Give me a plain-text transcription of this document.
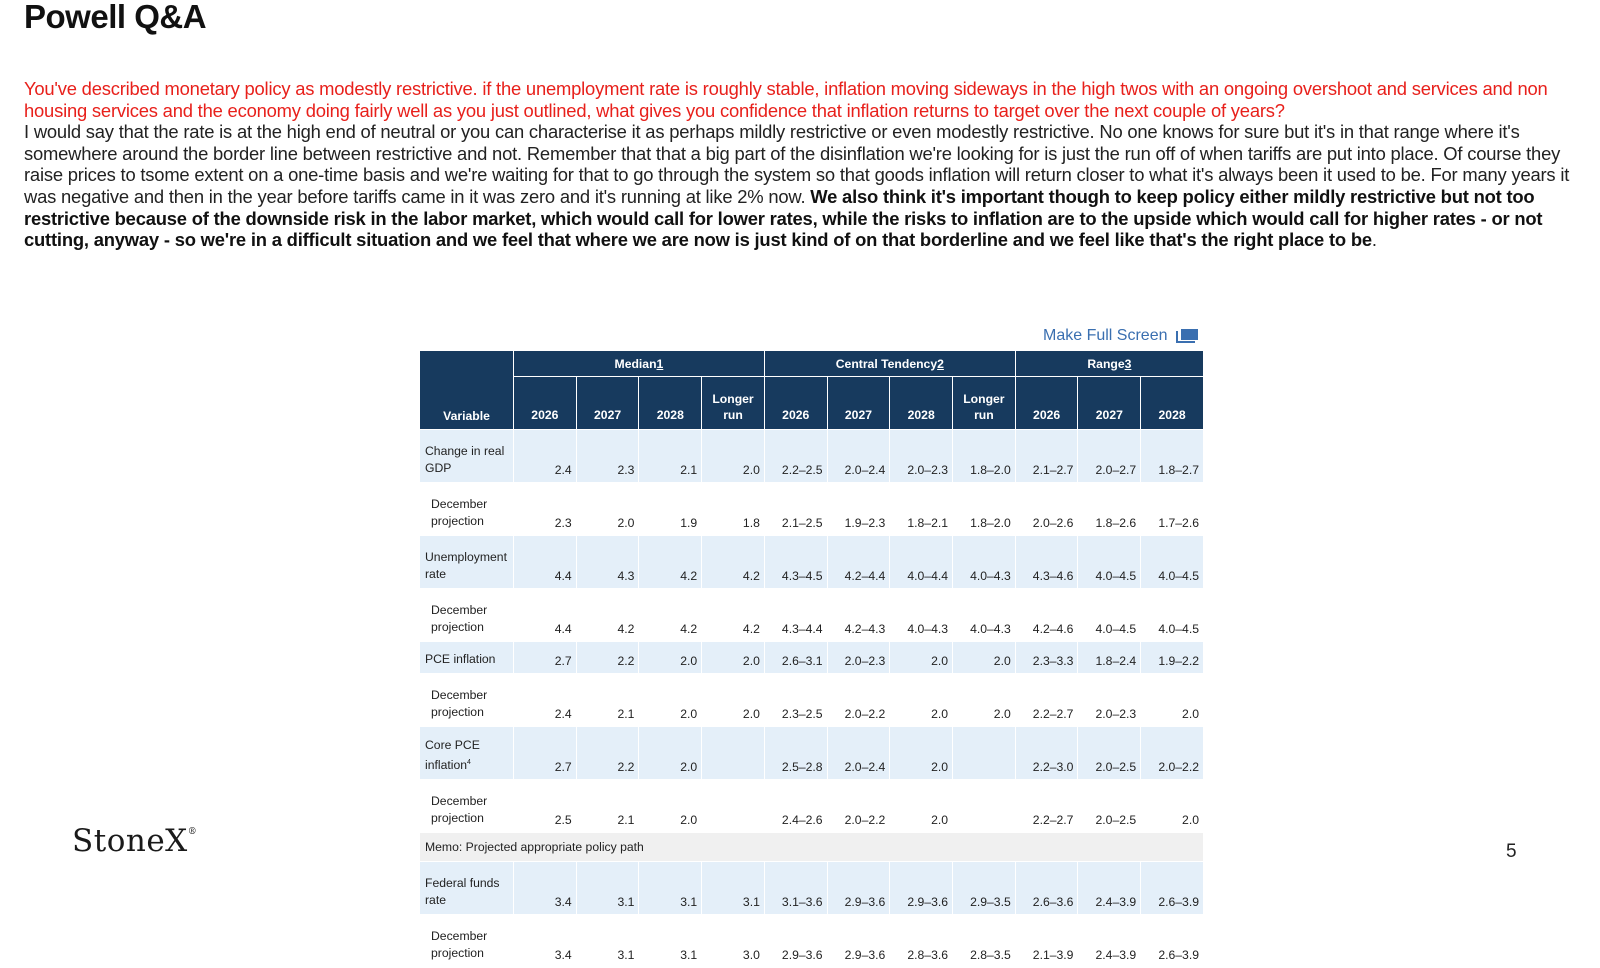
Powell Q&A
You've described monetary policy as modestly restrictive. if the unemployment rate is roughly stable, inflation moving sideways in the high twos with an ongoing overshoot and services and non housing services and the economy doing fairly well as you just outlined, what gives you confidence that inflation returns to target over the next couple of years?
I would say that the rate is at the high end of neutral or you can characterise it as perhaps mildly restrictive or even modestly restrictive. No one knows for sure but it's in that range where it's somewhere around the border line between restrictive and not. Remember that that a big part of the disinflation we're looking for is just the run off of when tariffs are put into place. Of course they raise prices to tsome extent on a one-time basis and we're waiting for that to go through the system so that goods inflation will return closer to what it's always been it used to be. For many years it was negative and then in the year before tariffs came in it was zero and it's running at like 2% now. We also think it's important though to keep policy either mildly restrictive but not too restrictive because of the downside risk in the labor market, which would call for lower rates, while the risks to inflation are to the upside which would call for higher rates - or not cutting, anyway - so we're in a difficult situation and we feel that where we are now is just kind of on that borderline and we feel like that's the right place to be.
Make Full Screen
Variable	Median1				Central Tendency2				Range3		
	2026	2027	2028	Longer run	2026	2027	2028	Longer run	2026	2027	2028
Change in real GDP	2.4	2.3	2.1	2.0	2.2–2.5	2.0–2.4	2.0–2.3	1.8–2.0	2.1–2.7	2.0–2.7	1.8–2.7
December projection	2.3	2.0	1.9	1.8	2.1–2.5	1.9–2.3	1.8–2.1	1.8–2.0	2.0–2.6	1.8–2.6	1.7–2.6
Unemployment rate	4.4	4.3	4.2	4.2	4.3–4.5	4.2–4.4	4.0–4.4	4.0–4.3	4.3–4.6	4.0–4.5	4.0–4.5
December projection	4.4	4.2	4.2	4.2	4.3–4.4	4.2–4.3	4.0–4.3	4.0–4.3	4.2–4.6	4.0–4.5	4.0–4.5
PCE inflation	2.7	2.2	2.0	2.0	2.6–3.1	2.0–2.3	2.0	2.0	2.3–3.3	1.8–2.4	1.9–2.2
December projection	2.4	2.1	2.0	2.0	2.3–2.5	2.0–2.2	2.0	2.0	2.2–2.7	2.0–2.3	2.0
Core PCE inflation$^4$	2.7	2.2	2.0		2.5–2.8	2.0–2.4	2.0		2.2–3.0	2.0–2.5	2.0–2.2
December projection	2.5	2.1	2.0		2.4–2.6	2.0–2.2	2.0		2.2–2.7	2.0–2.5	2.0
Memo: Projected appropriate policy path											
Federal funds rate	3.4	3.1	3.1	3.1	3.1–3.6	2.9–3.6	2.9–3.6	2.9–3.5	2.6–3.6	2.4–3.9	2.6–3.9
December projection	3.4	3.1	3.1	3.0	2.9–3.6	2.9–3.6	2.8–3.6	2.8–3.5	2.1–3.9	2.4–3.9	2.6–3.9
StoneX®
5
